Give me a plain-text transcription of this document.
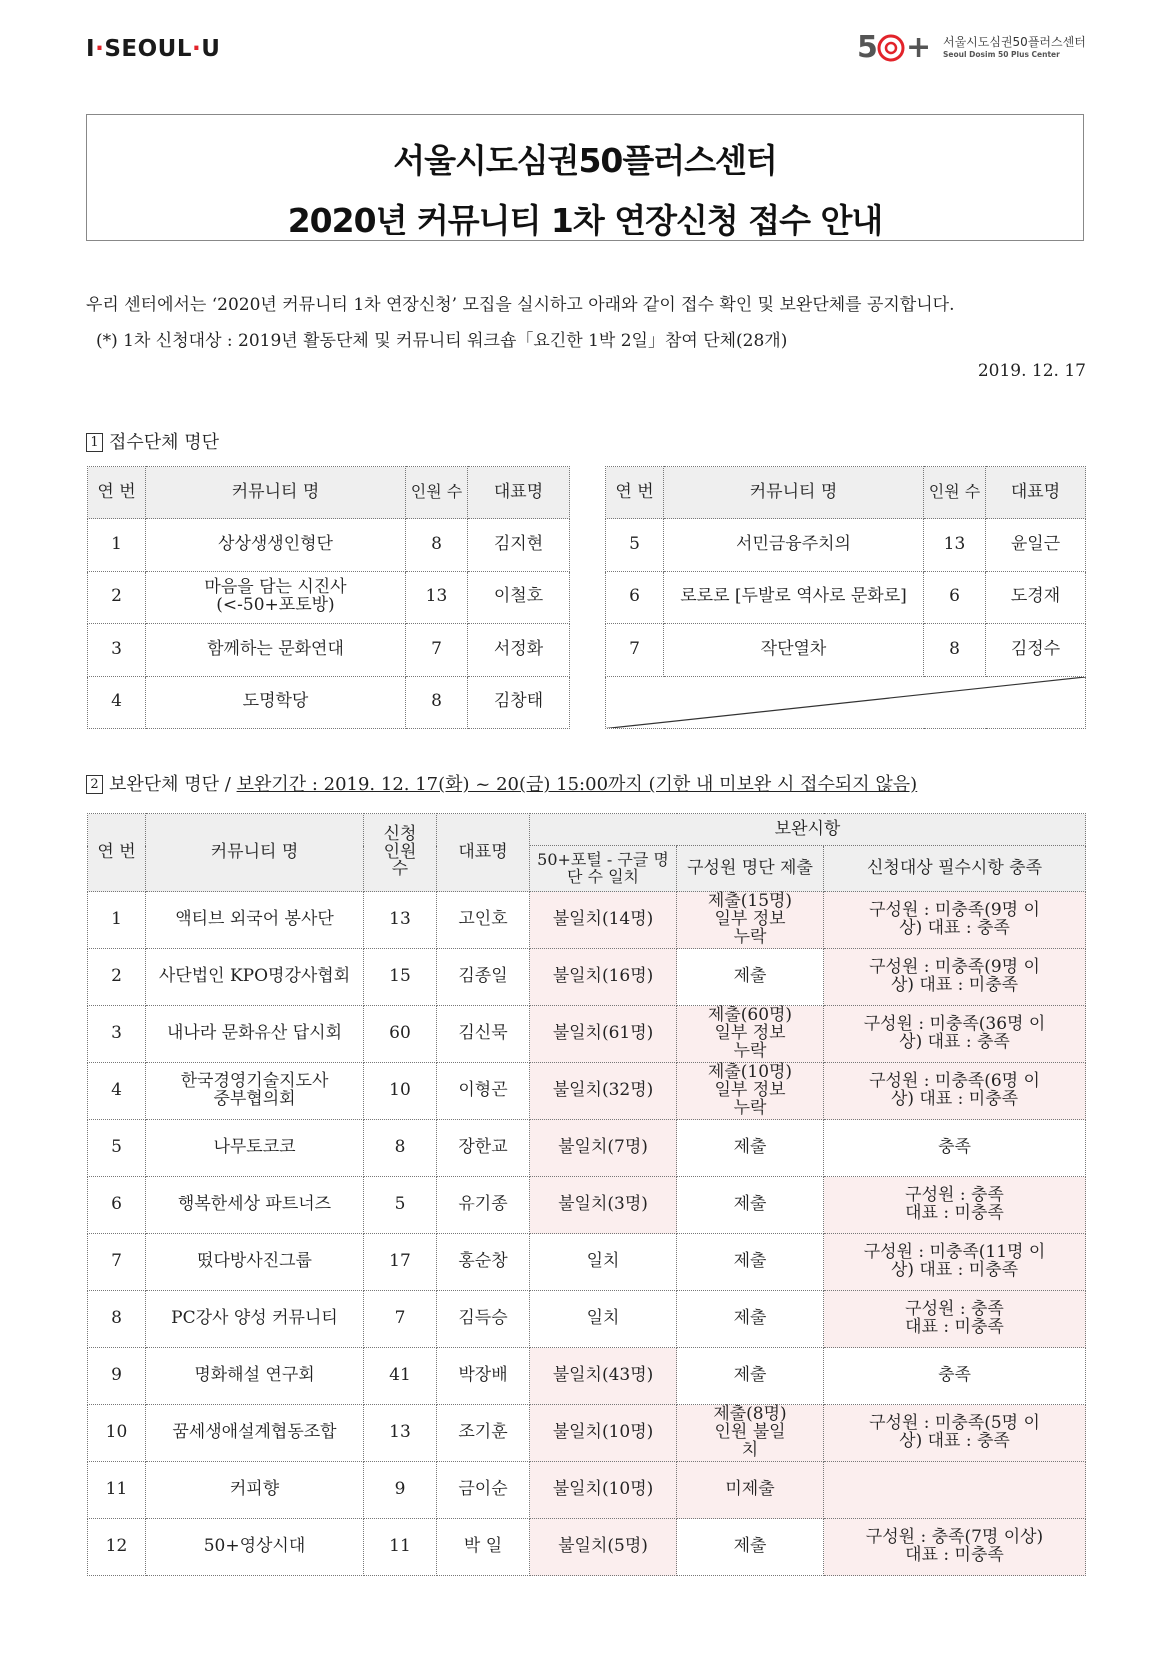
I·SEOUL·U	5 + 서울시도심권50플러스센터
Seoul Dosim 50 Plus Center
서울시도심권50플러스센터
2020년 커뮤니티 1차 연장신청 접수 안내
우리 센터에서는 ‘2020년 커뮤니티 1차 연장신청’ 모집을 실시하고 아래와 같이 접수 확인 및 보완단체를 공지합니다.
(*) 1차 신청대상 : 2019년 활동단체 및 커뮤니티 워크숍「요긴한 1박 2일」참여 단체(28개)
2019. 12. 17
1 접수단체 명단
연 번	커뮤니티 명	인원 수	대표명
1	상상생생인형단	8	김지현
2	마음을 담는 시진사(<-50+포토방)	13	이철호
3	함께하는 문화연대	7	서정화
4	도명학당	8	김창태
연 번	커뮤니티 명	인원 수	대표명
5	서민금융주치의	13	윤일근
6	로로로 [두발로 역사로 문화로]	6	도경재
7	작단열차	8	김정수

2 보완단체 명단 / 보완기간 : 2019. 12. 17(화) ~ 20(금) 15:00까지 (기한 내 미보완 시 접수되지 않음)
연 번	커뮤니티 명	신청 인원 수	대표명	보완시항		
				50+포털 - 구글 명단 수 일치	구성원 명단 제출	신청대상 필수시항 충족
1	액티브 외국어 봉사단	13	고인호	불일치(14명)	제출(15명) 일부 정보누락	구성원 : 미충족(9명 이상) 대표 : 충족
2	사단법인 KPO명강사협회	15	김종일	불일치(16명)	제출	구성원 : 미충족(9명 이상) 대표 : 미충족
3	내나라 문화유산 답시회	60	김신묵	불일치(61명)	제출(60명) 일부 정보누락	구성원 : 미충족(36명 이상) 대표 : 충족
4	한국경영기술지도사 중부협의회	10	이형곤	불일치(32명)	제출(10명) 일부 정보누락	구성원 : 미충족(6명 이상) 대표 : 미충족
5	나무토코코	8	장한교	불일치(7명)	제출	충족
6	행복한세상 파트너즈	5	유기종	불일치(3명)	제출	구성원 : 충족 대표 : 미충족
7	떴다방사진그룹	17	홍순창	일치	제출	구성원 : 미충족(11명 이상) 대표 : 미충족
8	PC강사 양성 커뮤니티	7	김득승	일치	제출	구성원 : 충족 대표 : 미충족
9	명화해설 연구회	41	박장배	불일치(43명)	제출	충족
10	꿈세생애설계협동조합	13	조기훈	불일치(10명)	제출(8명) 인원 불일치	구성원 : 미충족(5명 이상) 대표 : 충족
11	커피향	9	금이순	불일치(10명)	미제출	
12	50+영상시대	11	박 일	불일치(5명)	제출	구성원 : 충족(7명 이상) 대표 : 미충족
